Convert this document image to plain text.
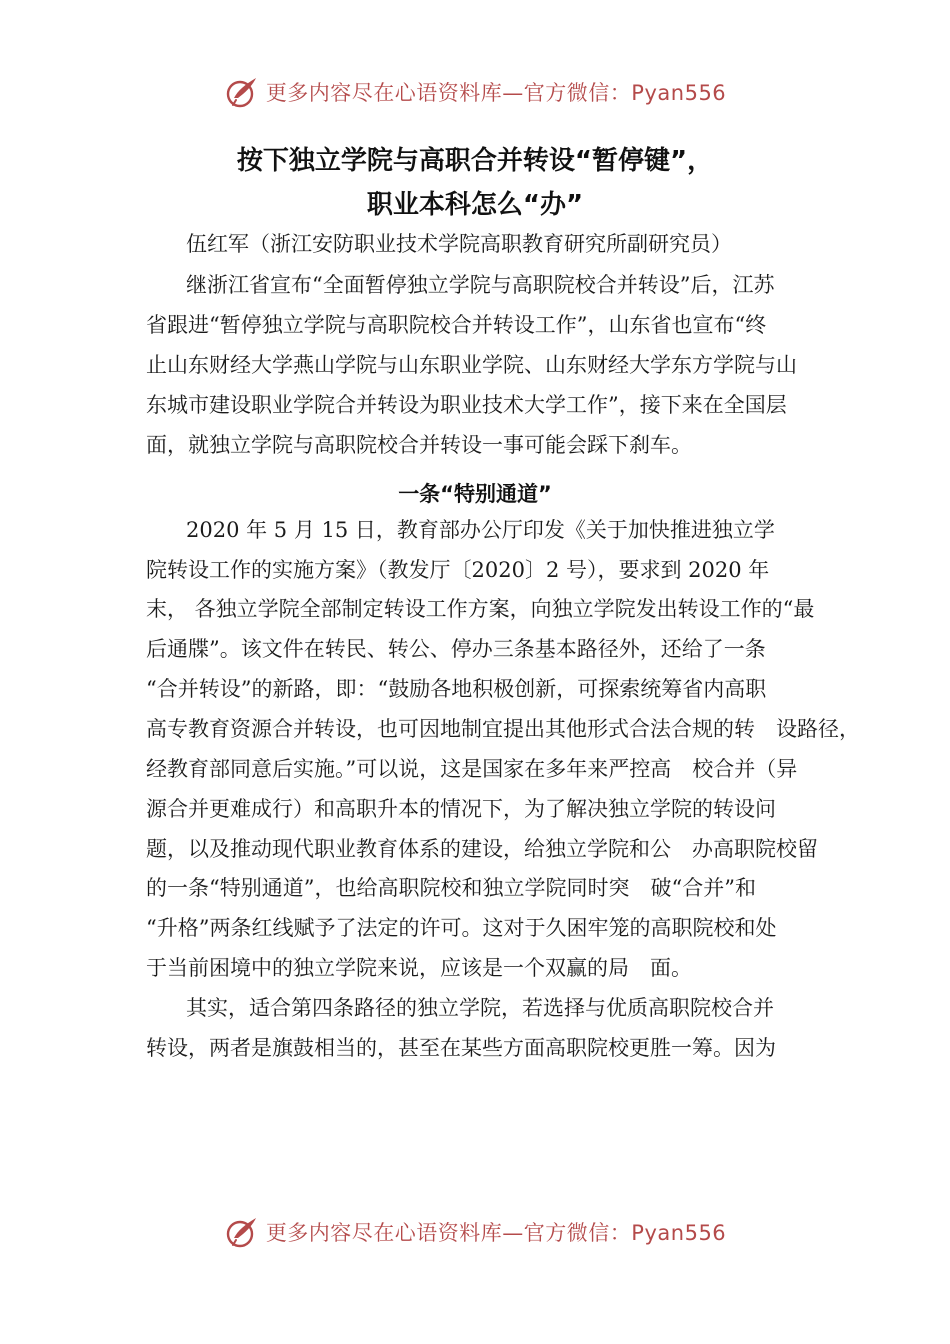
更多内容尽在心语资料库—官方微信：Pyan556
按下独立学院与高职合并转设“暂停键”，
职业本科怎么“办”
伍红军（浙江安防职业技术学院高职教育研究所副研究员）
继浙江省宣布“全面暂停独立学院与高职院校合并转设”后，江苏
省跟进“暂停独立学院与高职院校合并转设工作”，山东省也宣布“终
止山东财经大学燕山学院与山东职业学院、山东财经大学东方学院与山
东城市建设职业学院合并转设为职业技术大学工作”，接下来在全国层
面，就独立学院与高职院校合并转设一事可能会踩下刹车。
一条“特别通道”
2020 年 5 月 15 日，教育部办公厅印发《关于加快推进独立学
院转设工作的实施方案》（教发厅〔2020〕2 号），要求到 2020 年
末， 各独立学院全部制定转设工作方案，向独立学院发出转设工作的“最
后通牒”。该文件在转民、转公、停办三条基本路径外，还给了一条
“合并转设”的新路，即：“鼓励各地积极创新，可探索统筹省内高职
高专教育资源合并转设，也可因地制宜提出其他形式合法合规的转　设路径，
经教育部同意后实施。”可以说，这是国家在多年来严控高　校合并（异
源合并更难成行）和高职升本的情况下，为了解决独立学院的转设问
题，以及推动现代职业教育体系的建设，给独立学院和公　办高职院校留
的一条“特别通道”，也给高职院校和独立学院同时突　破“合并”和
“升格”两条红线赋予了法定的许可。这对于久困牢笼的高职院校和处
于当前困境中的独立学院来说，应该是一个双赢的局　面。
其实，适合第四条路径的独立学院，若选择与优质高职院校合并
转设，两者是旗鼓相当的，甚至在某些方面高职院校更胜一筹。因为
更多内容尽在心语资料库—官方微信：Pyan556
